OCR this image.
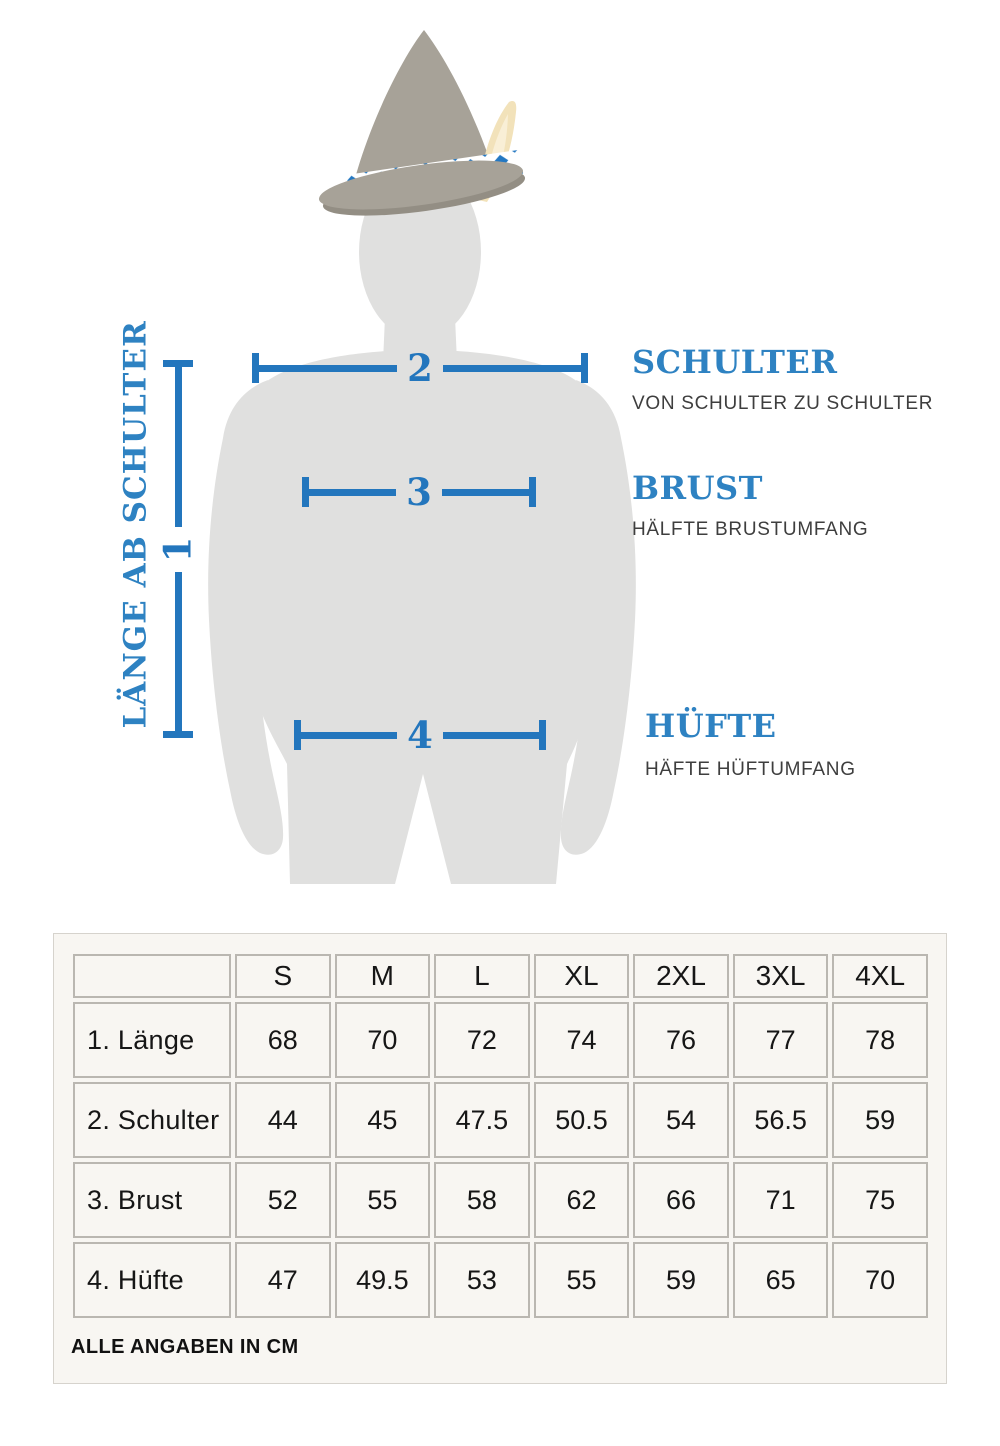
1
2
3
4
LÄNGE AB SCHULTER	SCHULTER
VON SCHULTER ZU SCHULTER
BRUST
HÄLFTE BRUSTUMFANG
HÜFTE
HÄFTE HÜFTUMFANG
	S	M	L	XL	2XL	3XL	4XL
1. Länge	68	70	72	74	76	77	78
2. Schulter	44	45	47.5	50.5	54	56.5	59
3. Brust	52	55	58	62	66	71	75
4. Hüfte	47	49.5	53	55	59	65	70
ALLE ANGABEN IN CM
